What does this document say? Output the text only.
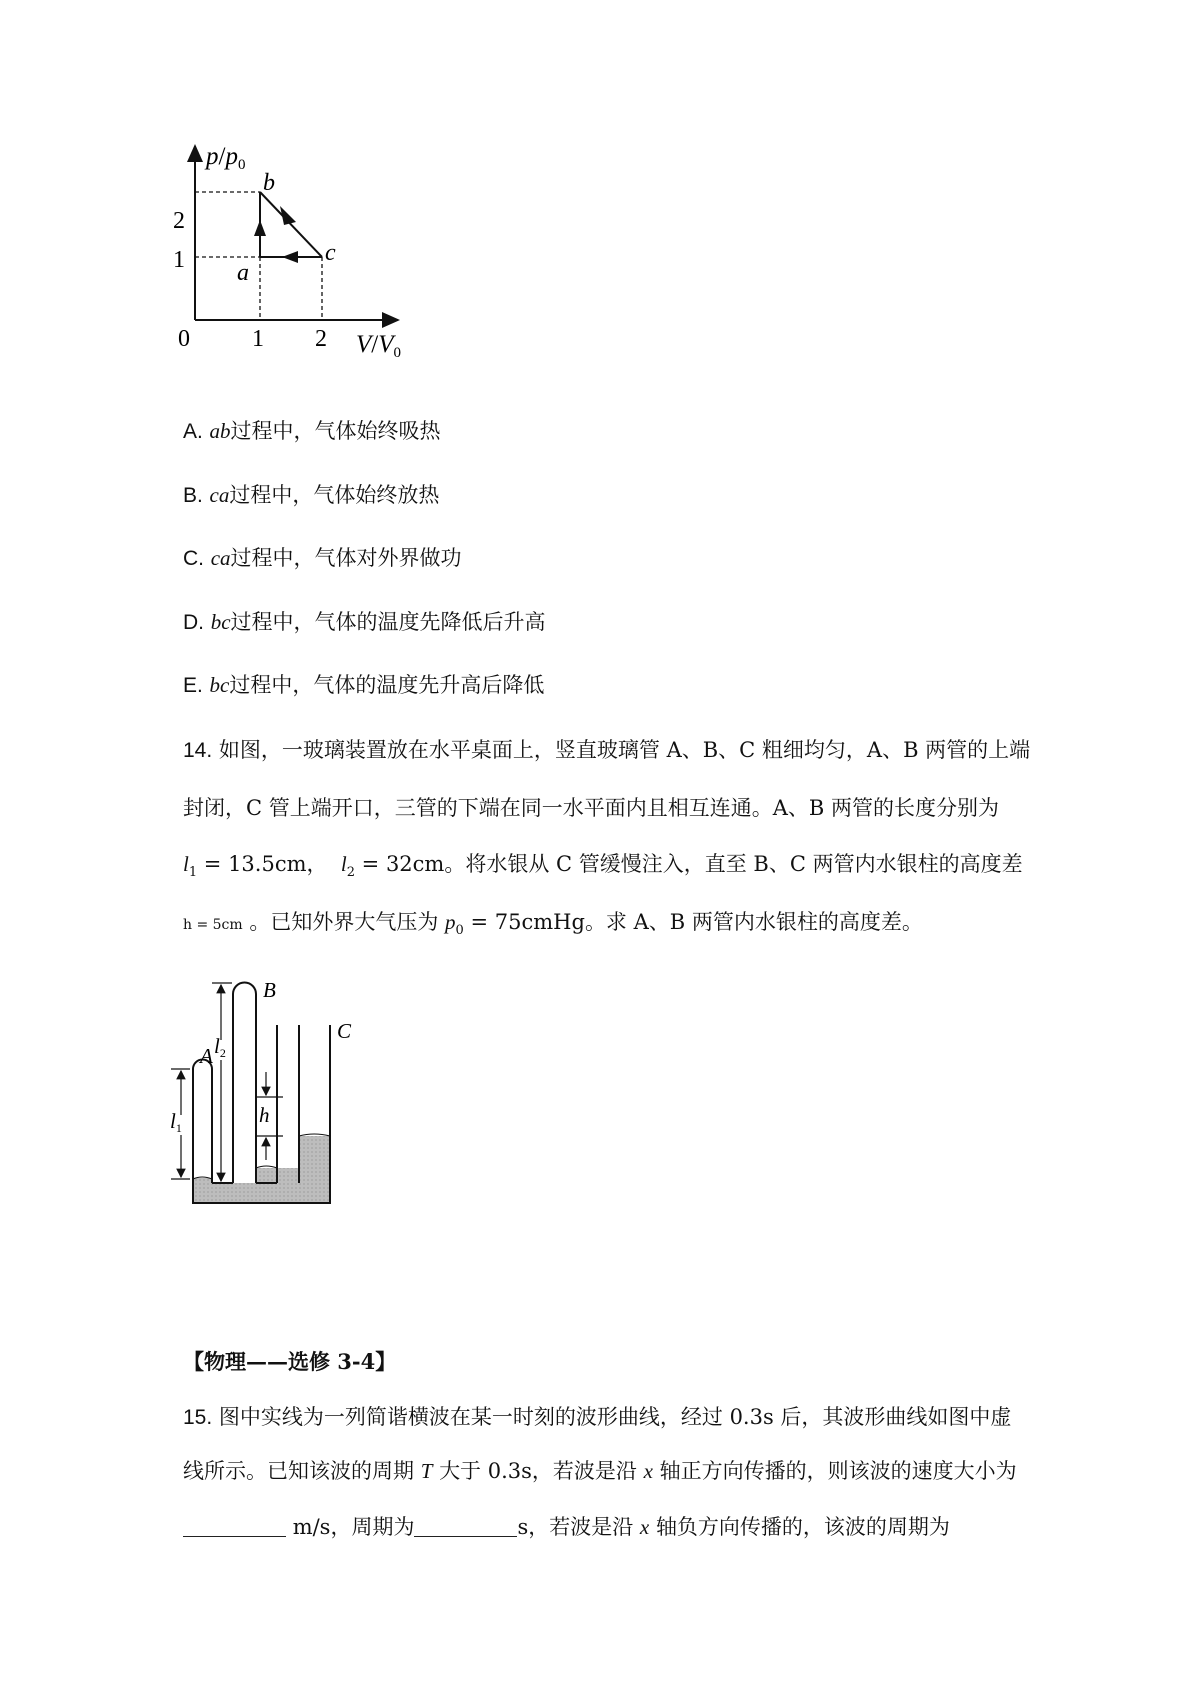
$p/p_0$
$V/V_0$
0	1 2
2
1
b
c
a
A. ab过程中，气体始终吸热
B. ca过程中，气体始终放热
C. ca过程中，气体对外界做功
D. bc过程中，气体的温度先降低后升高
E. bc过程中，气体的温度先升高后降低
14. 如图，一玻璃装置放在水平桌面上，竖直玻璃管 A、B、C 粗细均匀，A、B 两管的上端
封闭，C 管上端开口，三管的下端在同一水平面内且相互连通。A、B 两管的长度分别为
$l_1 = 13.5cm$， $l_2 = 32cm$。将水银从 C 管缓慢注入，直至 B、C 两管内水银柱的高度差
h = 5cm 。已知外界大气压为 $p_0$ = 75cmHg。求 A、B 两管内水银柱的高度差。
A
B
C
l1
l2
h
【物理——选修 3-4】
15. 图中实线为一列简谐横波在某一时刻的波形曲线，经过 0.3s 后，其波形曲线如图中虚
线所示。已知该波的周期 T 大于 0.3s，若波是沿 x 轴正方向传播的，则该波的速度大小为
m/s，周期为	s，若波是沿 x 轴负方向传播的，该波的周期为
